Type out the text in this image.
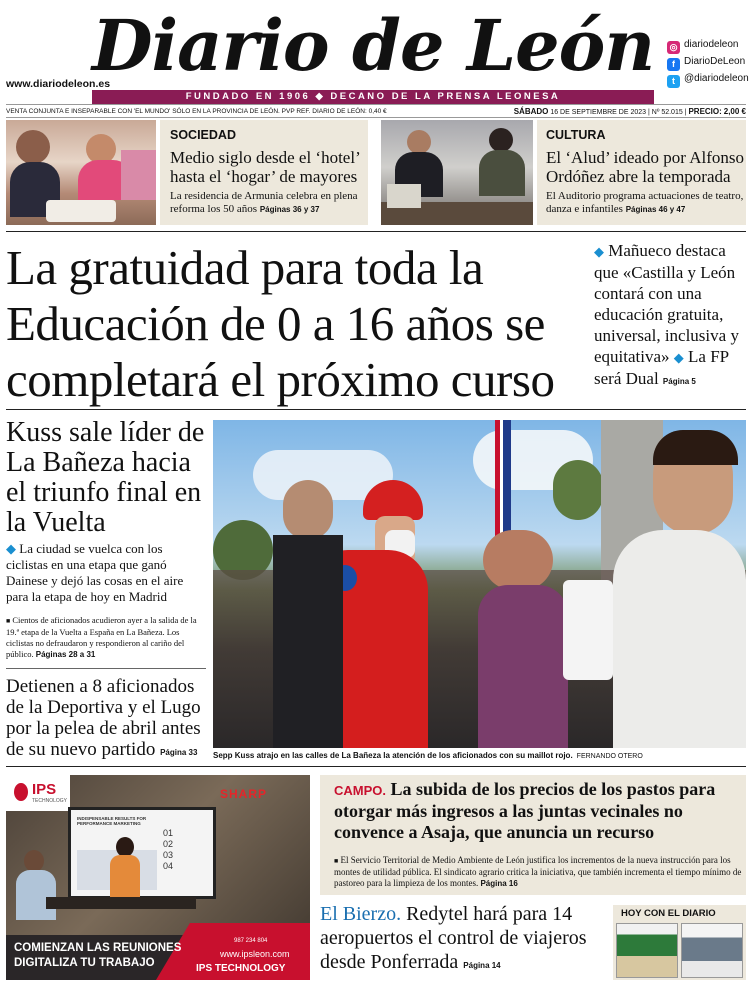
Diario de León
www.diariodeleon.es
FUNDADO EN 1906 ◆ DECANO DE LA PRENSA LEONESA
◎ diariodeleon
f DiarioDeLeon
t @diariodeleon
VENTA CONJUNTA E INSEPARABLE CON 'EL MUNDO' SÓLO EN LA PROVINCIA DE LEÓN. PVP REF. DIARIO DE LEÓN: 0,40 €	SÁBADO 16 DE SEPTIEMBRE DE 2023 | Nº 52.015 | PRECIO: 2,00 €
SOCIEDAD
Medio siglo desde el ‘hotel’ hasta el ‘hogar’ de mayores
La residencia de Armunia celebra en plena reforma los 50 años Páginas 36 y 37
CULTURA
El ‘Alud’ ideado por Alfonso Ordóñez abre la temporada
El Auditorio programa actuaciones de teatro, danza e infantiles Páginas 46 y 47
La gratuidad para toda la Educación de 0 a 16 años se completará el próximo curso
◆ Mañueco destaca que «Castilla y León contará con una educación gratuita, universal, inclusiva y equitativa» ◆ La FP será Dual Página 5
Kuss sale líder de La Bañeza hacia el triunfo final en la Vuelta
◆ La ciudad se vuelca con los ciclistas en una etapa que ganó Dainese y dejó las cosas en el aire para la etapa de hoy en Madrid
■ Cientos de aficionados acudieron ayer a la salida de la 19.ª etapa de la Vuelta a España en La Bañeza. Los ciclistas no defraudaron y respondieron al cariño del público. Páginas 28 a 31
Detienen a 8 aficionados de la Deportiva y el Lugo por la pelea de abril antes de su nuevo partido Página 33	Sepp Kuss atrajo en las calles de La Bañeza la atención de los aficionados con su maillot rojo. FERNANDO OTERO
IPS
TECHNOLOGY	SHARP
INDISPENSABLE RESULTS FOR PERFORMANCE MARKETING
01
02
03
04
COMIENZAN LAS REUNIONES
DIGITALIZA TU TRABAJO
987 234 804
www.ipsleon.com
IPS TECHNOLOGY
CAMPO. La subida de los precios de los pastos para otorgar más ingresos a las juntas vecinales no convence a Asaja, que anuncia un recurso
■ El Servicio Territorial de Medio Ambiente de León justifica los incrementos de la nueva instrucción para los montes de utilidad pública. El sindicato agrario critica la iniciativa, que también incrementa el tiempo mínimo de pastoreo para la limpieza de los montes. Página 16
El Bierzo. Redytel hará para 14 aeropuertos el control de viajeros desde Ponferrada Página 14
HOY CON EL DIARIO
